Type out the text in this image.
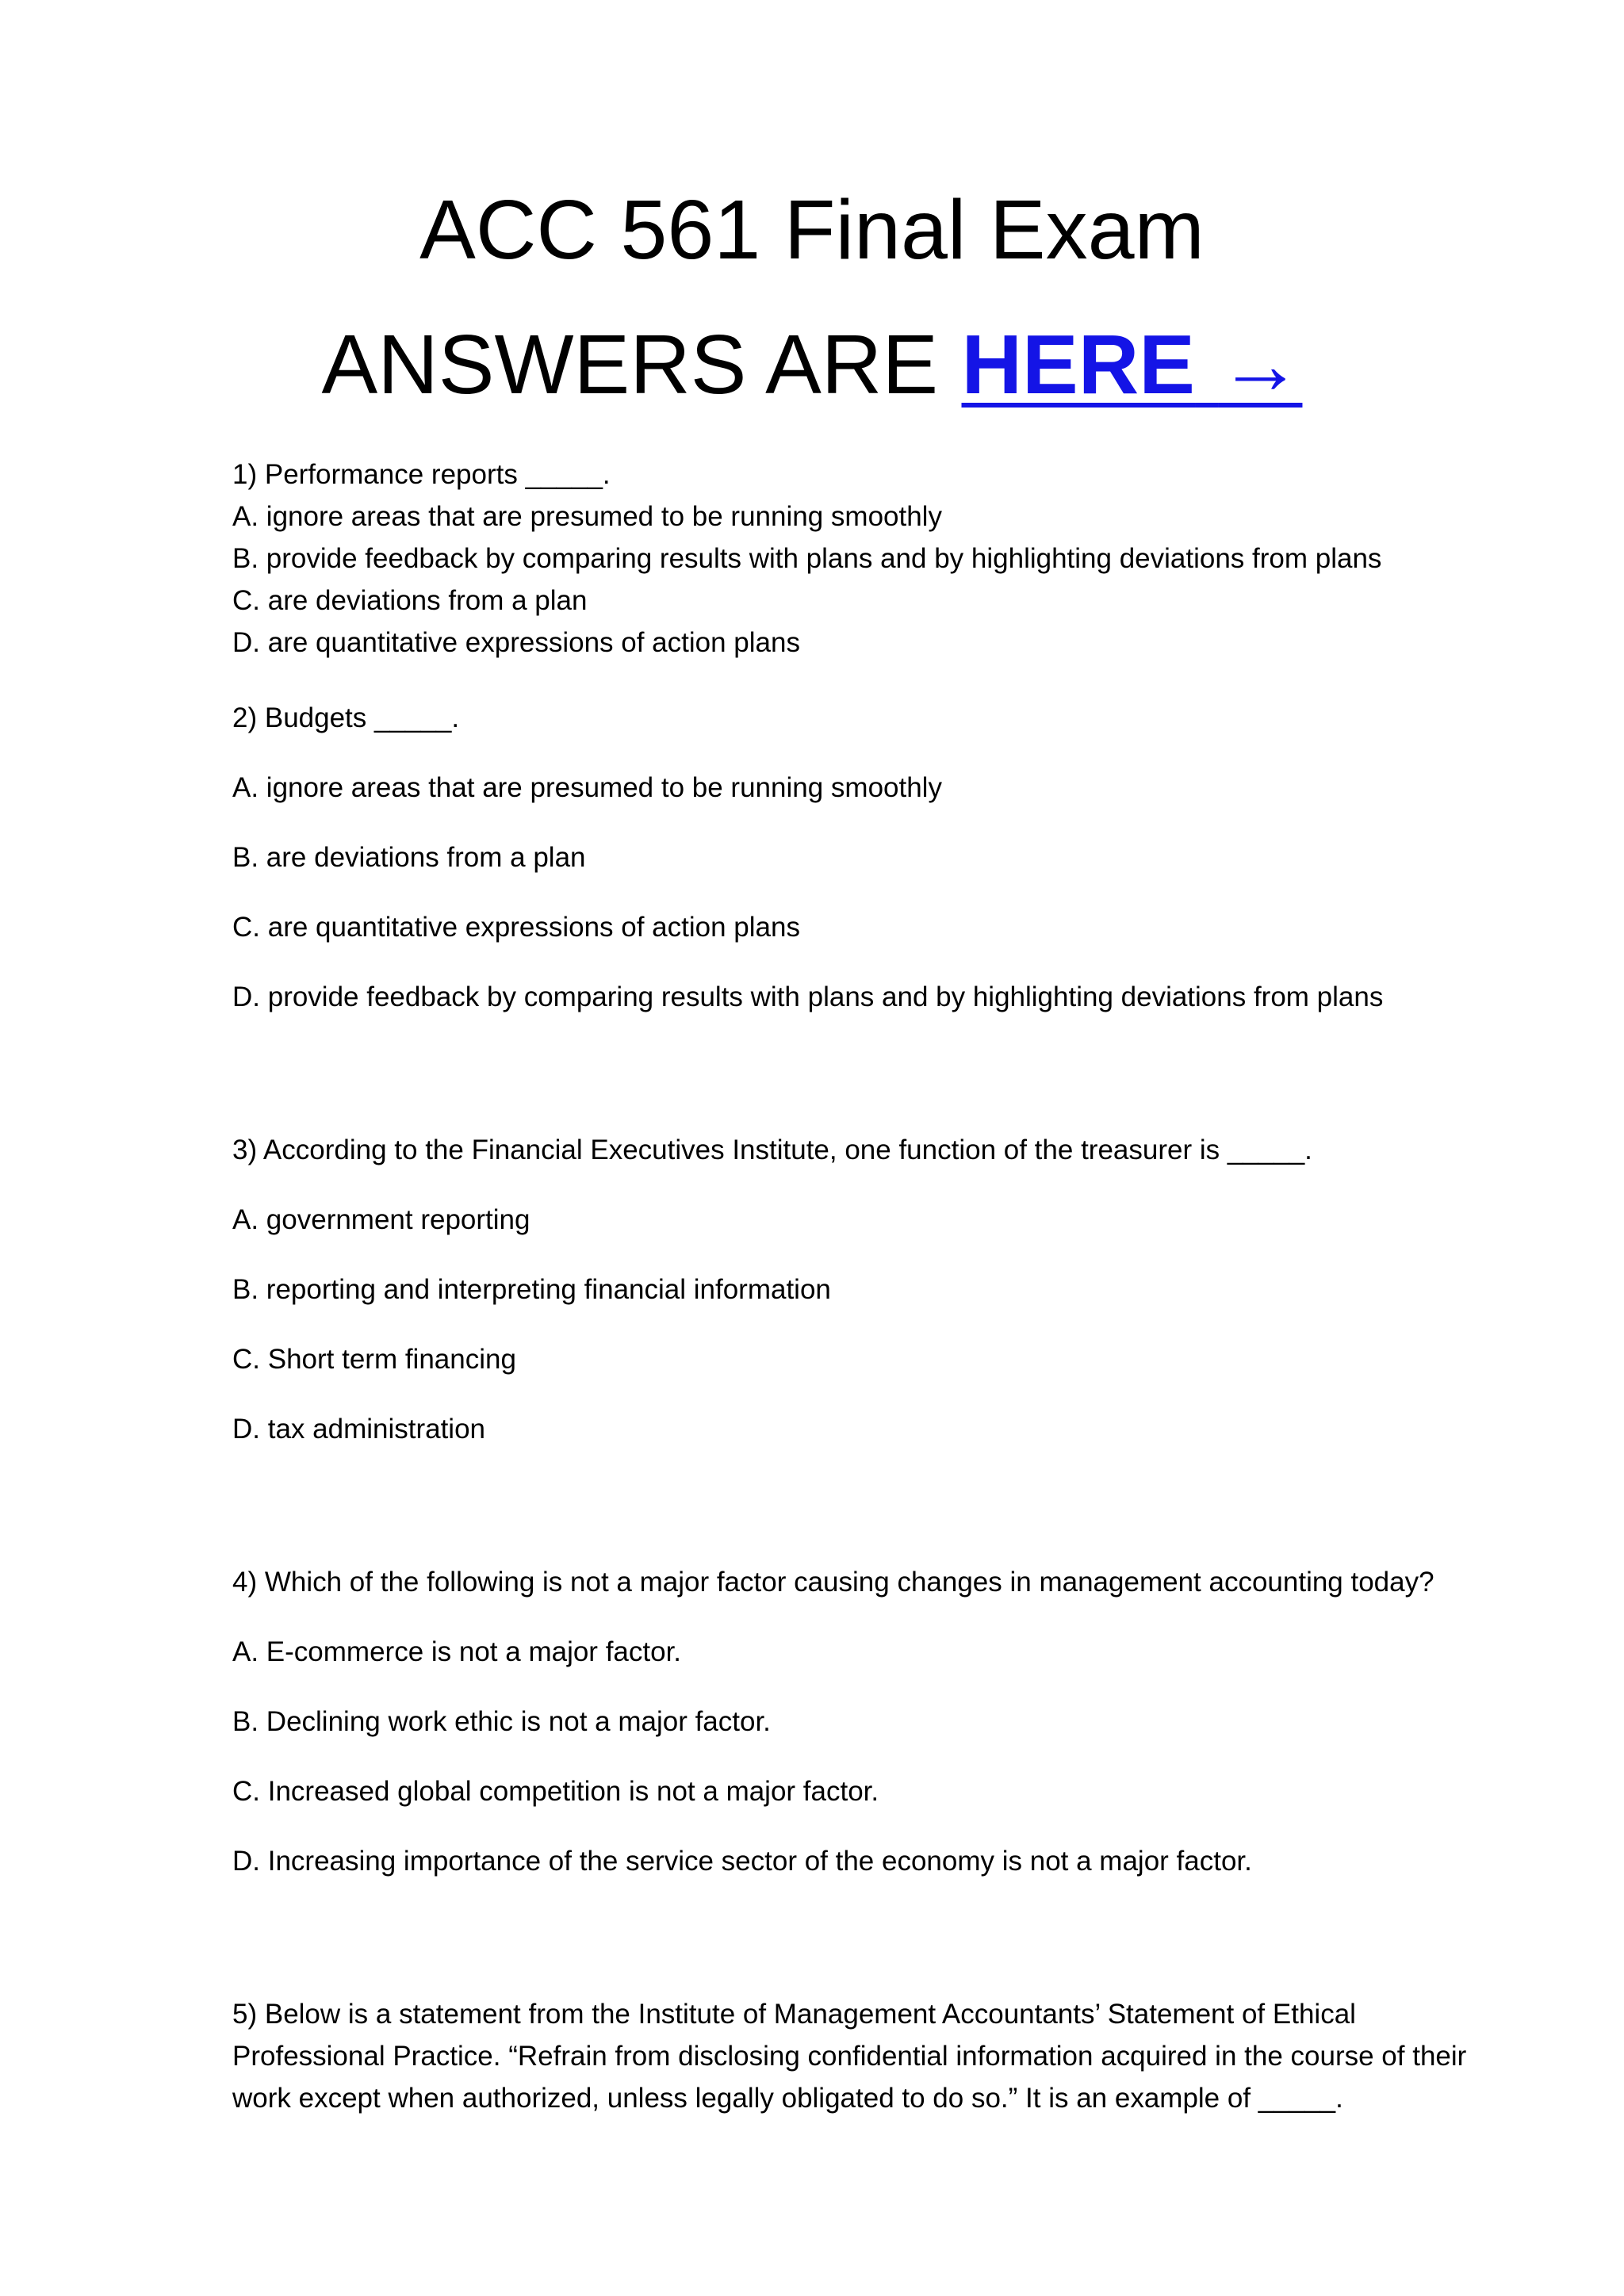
ACC 561 Final Exam
ANSWERS ARE HERE →
1) Performance reports _____.
A. ignore areas that are presumed to be running smoothly
B. provide feedback by comparing results with plans and by highlighting deviations from plans
C. are deviations from a plan
D. are quantitative expressions of action plans
2) Budgets _____.
A. ignore areas that are presumed to be running smoothly
B. are deviations from a plan
C. are quantitative expressions of action plans
D. provide feedback by comparing results with plans and by highlighting deviations from plans
3) According to the Financial Executives Institute, one function of the treasurer is _____.
A. government reporting
B. reporting and interpreting financial information
C. Short term financing
D. tax administration
4) Which of the following is not a major factor causing changes in management accounting today?
A. E-commerce is not a major factor.
B. Declining work ethic is not a major factor.
C. Increased global competition is not a major factor.
D. Increasing importance of the service sector of the economy is not a major factor.
5) Below is a statement from the Institute of Management Accountants’ Statement of Ethical
Professional Practice. “Refrain from disclosing confidential information acquired in the course of their
work except when authorized, unless legally obligated to do so.” It is an example of _____.
